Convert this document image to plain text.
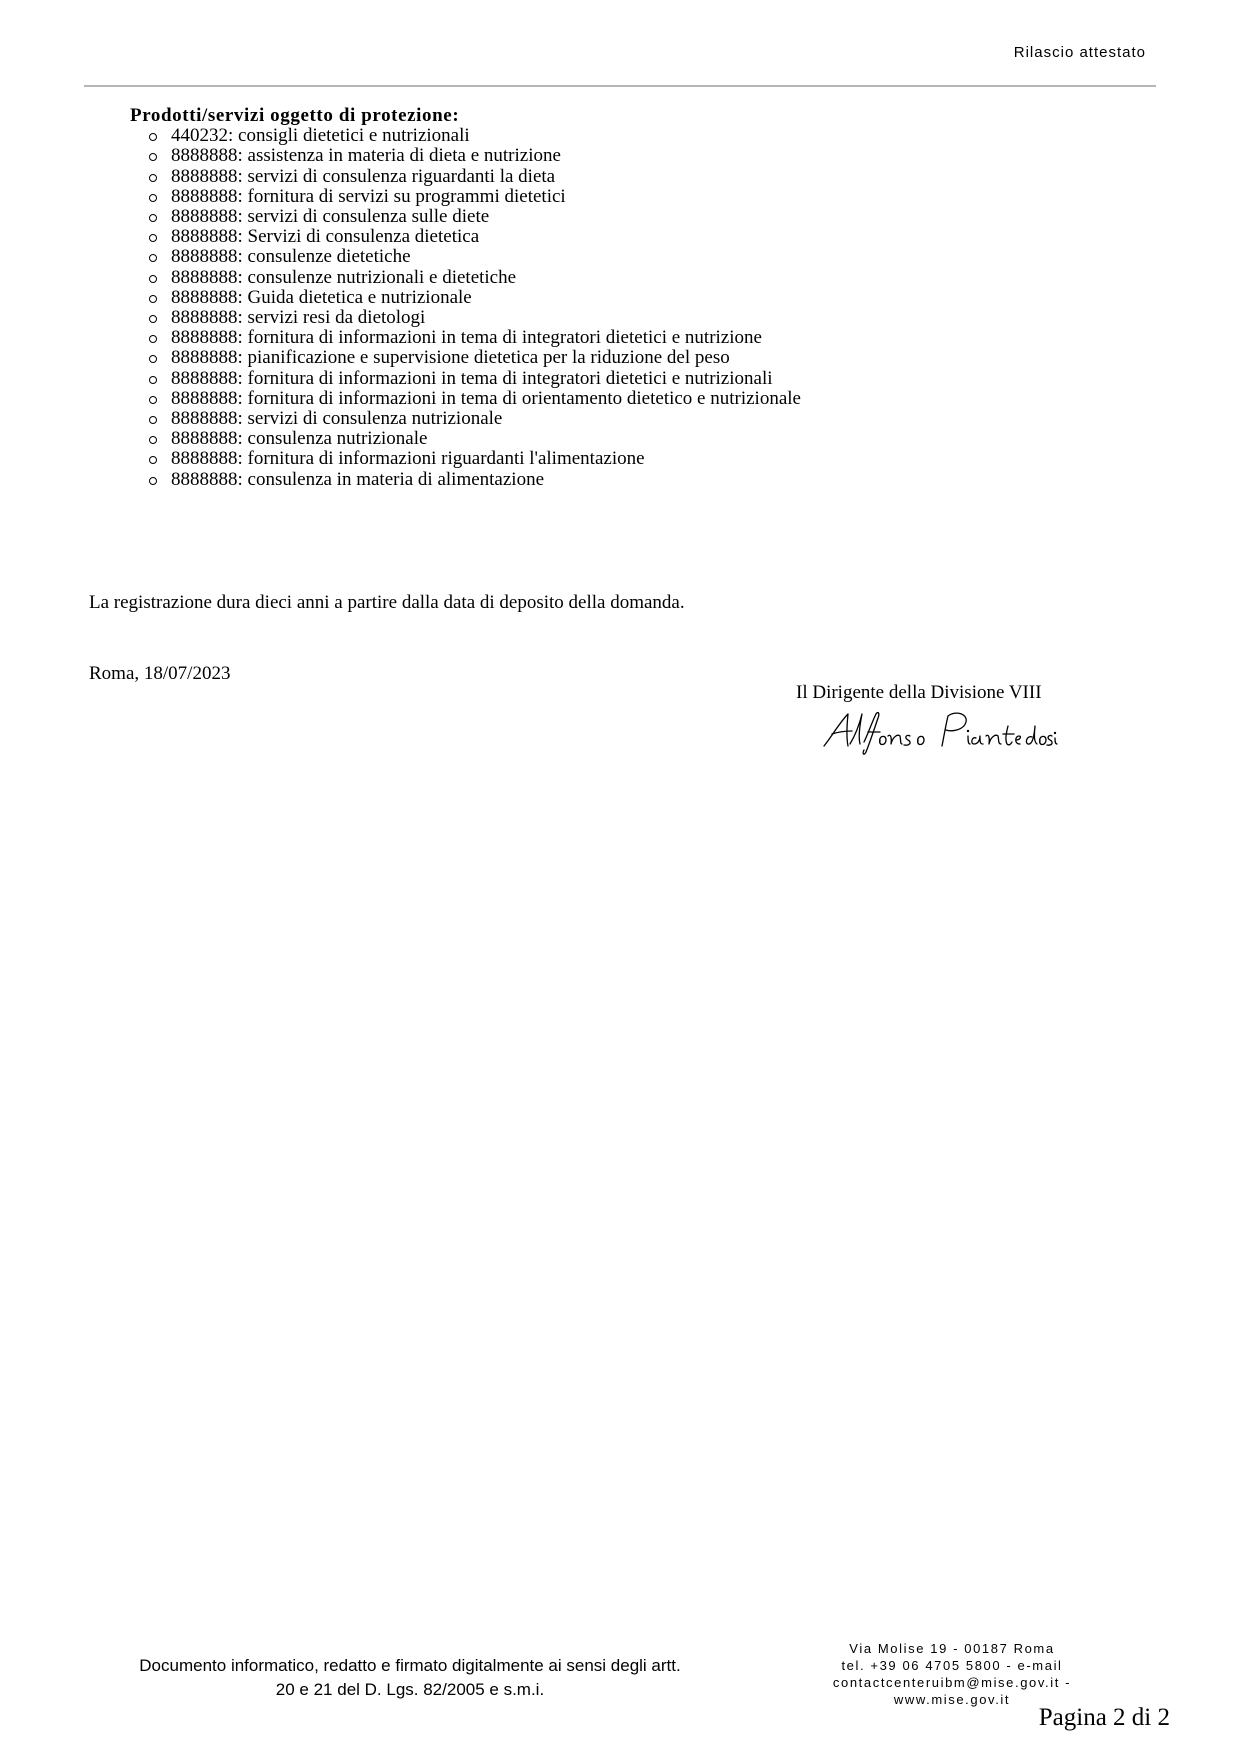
Rilascio attestato
Prodotti/servizi oggetto di protezione:
440232: consigli dietetici e nutrizionali
8888888: assistenza in materia di dieta e nutrizione
8888888: servizi di consulenza riguardanti la dieta
8888888: fornitura di servizi su programmi dietetici
8888888: servizi di consulenza sulle diete
8888888: Servizi di consulenza dietetica
8888888: consulenze dietetiche
8888888: consulenze nutrizionali e dietetiche
8888888: Guida dietetica e nutrizionale
8888888: servizi resi da dietologi
8888888: fornitura di informazioni in tema di integratori dietetici e nutrizione
8888888: pianificazione e supervisione dietetica per la riduzione del peso
8888888: fornitura di informazioni in tema di integratori dietetici e nutrizionali
8888888: fornitura di informazioni in tema di orientamento dietetico e nutrizionale
8888888: servizi di consulenza nutrizionale
8888888: consulenza nutrizionale
8888888: fornitura di informazioni riguardanti l'alimentazione
8888888: consulenza in materia di alimentazione
La registrazione dura dieci anni a partire dalla data di deposito della domanda.
Roma, 18/07/2023
Il Dirigente della Divisione VIII
Documento informatico, redatto e firmato digitalmente ai sensi degli artt.
20 e 21 del D. Lgs. 82/2005 e s.m.i.
Via Molise 19 - 00187 Roma
tel. +39 06 4705 5800 - e-mail
contactcenteruibm@mise.gov.it -
www.mise.gov.it
Pagina 2 di 2
